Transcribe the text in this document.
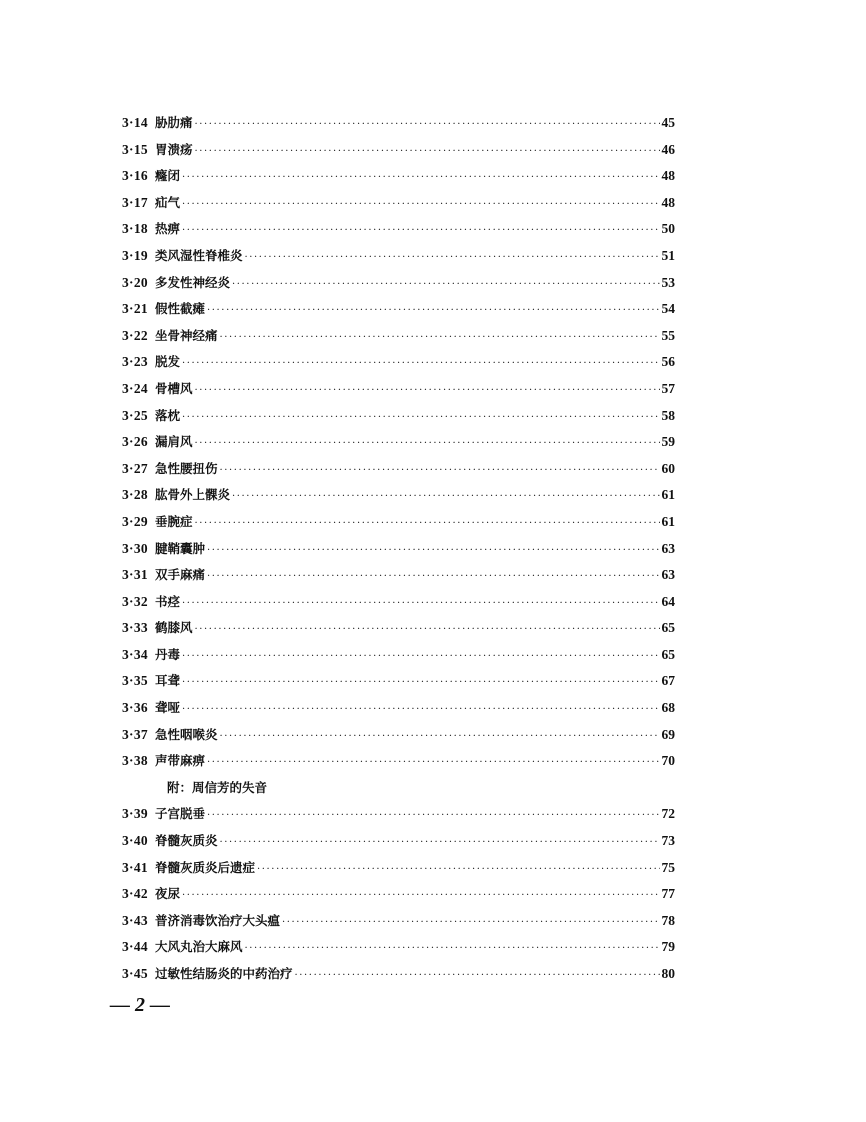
3·14 胁肋痛 ·····	45
3·15 胃溃疡 ·····	46
3·16 癃闭 ·····	48
3·17 疝气 ·····	48
3·18 热痹 ·····	50
3·19 类风湿性脊椎炎 ·····	51
3·20 多发性神经炎 ·····	53
3·21 假性截瘫 ·····	54
3·22 坐骨神经痛 ·····	55
3·23 脱发 ·····	56
3·24 骨槽风 ·····	57
3·25 落枕 ·····	58
3·26 漏肩风 ·····	59
3·27 急性腰扭伤 ·····	60
3·28 肱骨外上髁炎 ·····	61
3·29 垂腕症 ·····	61
3·30 腱鞘囊肿 ·····	63
3·31 双手麻痛 ·····	63
3·32 书痉 ·····	64
3·33 鹤膝风 ·····	65
3·34 丹毒 ·····	65
3·35 耳聋 ·····	67
3·36 聋哑 ·····	68
3·37 急性咽喉炎 ·····	69
3·38 声带麻痹 ·····	70
附：周信芳的失音
3·39 子宫脱垂 ·····	72
3·40 脊髓灰质炎 ·····	73
3·41 脊髓灰质炎后遗症 ·····	75
3·42 夜尿 ·····	77
3·43 普济消毒饮治疗大头瘟 ·····	78
3·44 大风丸治大麻风 ·····	79
3·45 过敏性结肠炎的中药治疗 ·····	80
— 2 —
